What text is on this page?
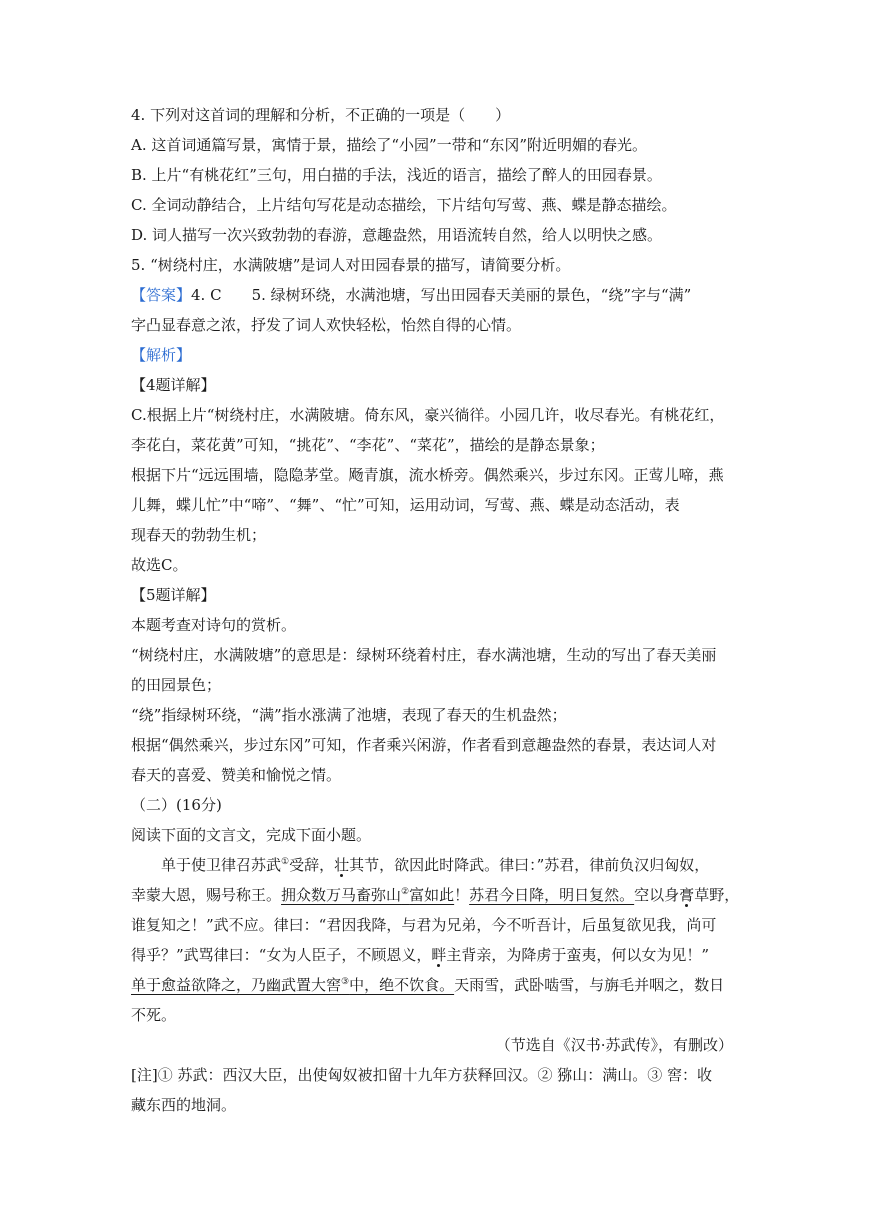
4. 下列对这首词的理解和分析，不正确的一项是（　　）
A. 这首词通篇写景，寓情于景，描绘了“小园”一带和“东冈”附近明媚的春光。
B. 上片“有桃花红”三句，用白描的手法，浅近的语言，描绘了醉人的田园春景。
C. 全词动静结合，上片结句写花是动态描绘，下片结句写莺、燕、蝶是静态描绘。
D. 词人描写一次兴致勃勃的春游，意趣盎然，用语流转自然，给人以明快之感。
5. “树绕村庄，水满陂塘”是词人对田园春景的描写，请简要分析。
【答案】4. C　　5. 绿树环绕，水满池塘，写出田园春天美丽的景色，“绕”字与“满”
字凸显春意之浓，抒发了词人欢快轻松，怡然自得的心情。
【解析】
【4题详解】
C.根据上片“树绕村庄，水满陂塘。倚东风，豪兴徜徉。小园几许，收尽春光。有桃花红，
李花白，菜花黄”可知，“挑花”、“李花”、“菜花”，描绘的是静态景象；
根据下片“远远围墙，隐隐茅堂。飏青旗，流水桥旁。偶然乘兴，步过东冈。正莺儿啼，燕
儿舞，蝶儿忙”中“啼”、“舞”、“忙”可知，运用动词，写莺、燕、蝶是动态活动，表
现春天的勃勃生机；
故选C。
【5题详解】
本题考查对诗句的赏析。
“树绕村庄，水满陂塘”的意思是：绿树环绕着村庄，春水满池塘，生动的写出了春天美丽
的田园景色；
“绕”指绿树环绕，“满”指水涨满了池塘，表现了春天的生机盎然；
根据“偶然乘兴，步过东冈”可知，作者乘兴闲游，作者看到意趣盎然的春景，表达词人对
春天的喜爱、赞美和愉悦之情。
（二）(16分)
阅读下面的文言文，完成下面小题。
单于使卫律召苏武①受辞，壮其节，欲因此时降武。律曰：”苏君，律前负汉归匈奴，
幸蒙大恩，赐号称王。拥众数万马畜弥山②富如此！苏君今日降，明日复然。空以身膏草野，
谁复知之！”武不应。律曰：“君因我降，与君为兄弟，今不听吾计，后虽复欲见我，尚可
得乎？”武骂律曰：“女为人臣子，不顾恩义，畔主背亲，为降虏于蛮夷，何以女为见！”
单于愈益欲降之，乃幽武置大窖③中，绝不饮食。天雨雪，武卧啮雪，与旃毛并咽之，数日
不死。
（节选自《汉书·苏武传》，有删改）
[注]① 苏武：西汉大臣，出使匈奴被扣留十九年方获释回汉。② 猕山：满山。③ 窖：收
藏东西的地洞。
